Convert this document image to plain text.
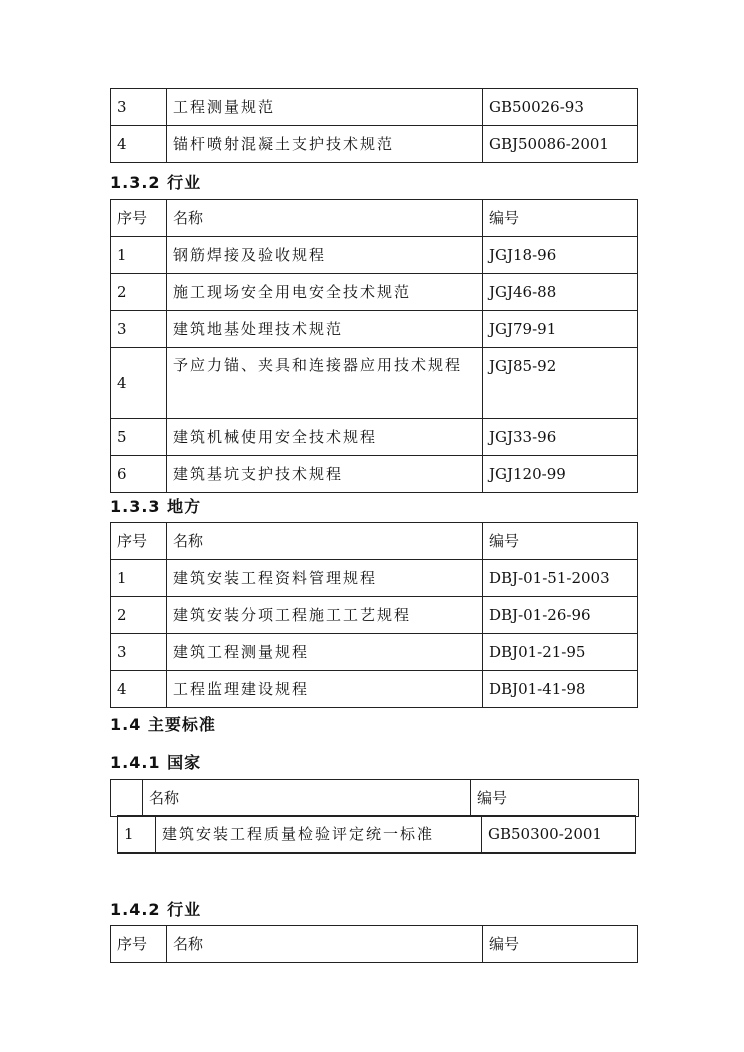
3	工程测量规范	GB50026-93
4	锚杆喷射混凝土支护技术规范	GBJ50086-2001
1.3.2 行业
序号	名称	编号
1	钢筋焊接及验收规程	JGJ18-96
2	施工现场安全用电安全技术规范	JGJ46-88
3	建筑地基处理技术规范	JGJ79-91
4	予应力锚、夹具和连接器应用技术规程	JGJ85-92
5	建筑机械使用安全技术规程	JGJ33-96
6	建筑基坑支护技术规程	JGJ120-99
1.3.3 地方
序号	名称	编号
1	建筑安装工程资料管理规程	DBJ-01-51-2003
2	建筑安装分项工程施工工艺规程	DBJ-01-26-96
3	建筑工程测量规程	DBJ01-21-95
4	工程监理建设规程	DBJ01-41-98
1.4 主要标准
1.4.1 国家
	名称	编号
1	建筑安装工程质量检验评定统一标准	GB50300-2001

1.4.2 行业
序号	名称	编号
